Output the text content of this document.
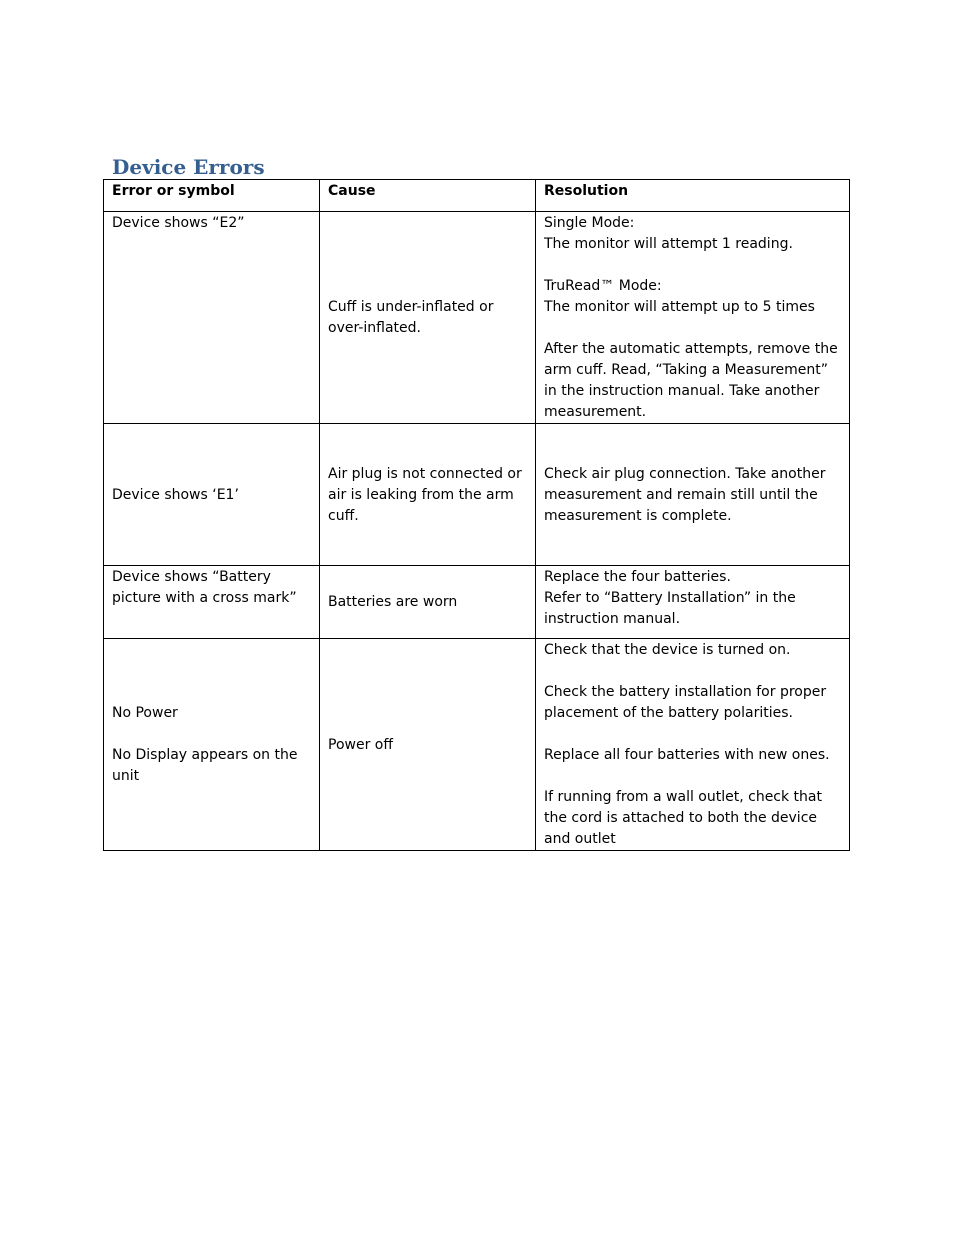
Device Errors
Error or symbol	Cause	Resolution

Device shows “E2”	Cuff is under-inflated or over-inflated.	Single Mode:
The monitor will attempt 1 reading.
TruRead™ Mode:
The monitor will attempt up to 5 times
After the automatic attempts, remove the arm cuff. Read, “Taking a Measurement” in the instruction manual. Take another measurement.

Device shows ‘E1’	Air plug is not connected or air is leaking from the arm cuff.	Check air plug connection. Take another measurement and remain still until the measurement is complete.

Device shows “Battery picture with a cross mark”	Batteries are worn	Replace the four batteries.
Refer to “Battery Installation” in the instruction manual.

No Power
No Display appears on the unit	Power off	Check that the device is turned on.
Check the battery installation for proper placement of the battery polarities.
Replace all four batteries with new ones.
If running from a wall outlet, check that the cord is attached to both the device and outlet
